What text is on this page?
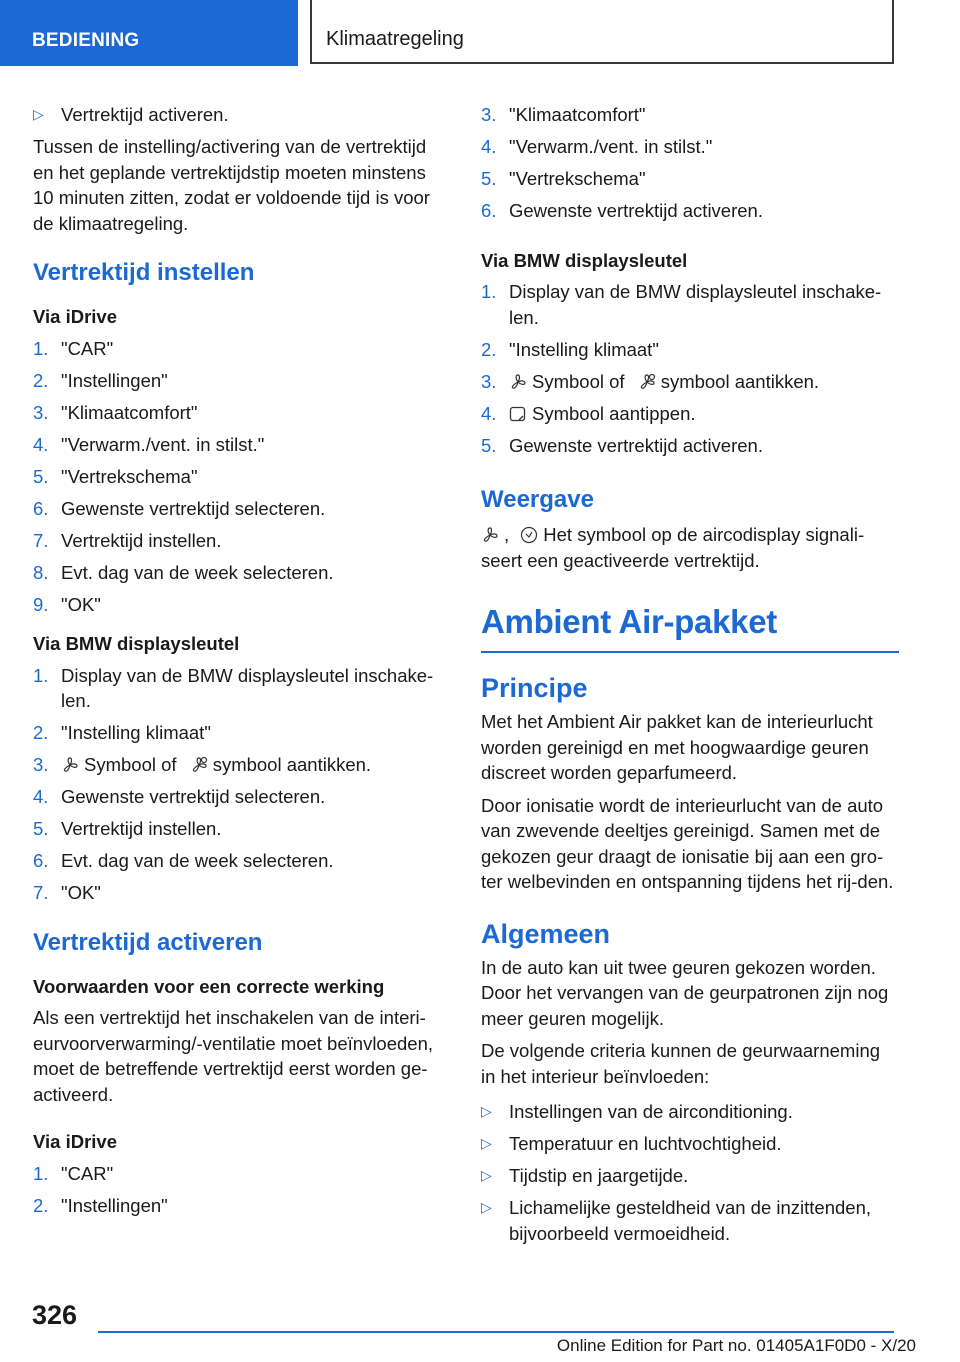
BEDIENING	Klimaatregeling
▷ Vertrektijd activeren.

Tussen de instelling/activering van de vertrektijd en het geplande vertrektijdstip moeten minstens 10 minuten zitten, zodat er voldoende tijd is voor de klimaatregeling.

Vertrektijd instellen
Via iDrive
1. "CAR"
2. "Instellingen"
3. "Klimaatcomfort"
4. "Verwarm./vent. in stilst."
5. "Vertrekschema"
6. Gewenste vertrektijd selecteren.
7. Vertrektijd instellen.
8. Evt. dag van de week selecteren.
9. "OK"
Via BMW displaysleutel
1. Display van de BMW displaysleutel inschake-len.
2. "Instelling klimaat"
3. Symbool of symbool aantikken.
4. Gewenste vertrektijd selecteren.
5. Vertrektijd instellen.
6. Evt. dag van de week selecteren.
7. "OK"
Vertrektijd activeren
Voorwaarden voor een correcte werking

Als een vertrektijd het inschakelen van de interi-eurvoorverwarming/-ventilatie moet beïnvloeden, moet de betreffende vertrektijd eerst worden ge-activeerd.

Via iDrive
1. "CAR"
2. "Instellingen"
3. "Klimaatcomfort"
4. "Verwarm./vent. in stilst."
5. "Vertrekschema"
6. Gewenste vertrektijd activeren.
Via BMW displaysleutel
1. Display van de BMW displaysleutel inschake-len.
2. "Instelling klimaat"
3. Symbool of symbool aantikken.
4. Symbool aantippen.
5. Gewenste vertrektijd activeren.
Weergave

, Het symbool op de aircodisplay signali-seert een geactiveerde vertrektijd.

Ambient Air-pakket
Principe

Met het Ambient Air pakket kan de interieurlucht worden gereinigd en met hoogwaardige geuren discreet worden geparfumeerd.

Door ionisatie wordt de interieurlucht van de auto van zwevende deeltjes gereinigd. Samen met de gekozen geur draagt de ionisatie bij aan een gro-ter welbevinden en ontspanning tijdens het rij-den.

Algemeen

In de auto kan uit twee geuren gekozen worden. Door het vervangen van de geurpatronen zijn nog meer geuren mogelijk.

De volgende criteria kunnen de geurwaarneming in het interieur beïnvloeden:

▷ Instellingen van de airconditioning.
▷ Temperatuur en luchtvochtigheid.
▷ Tijdstip en jaargetijde.
▷ Lichamelijke gesteldheid van de inzittenden, bijvoorbeeld vermoeidheid.
326
Online Edition for Part no. 01405A1F0D0 - X/20
